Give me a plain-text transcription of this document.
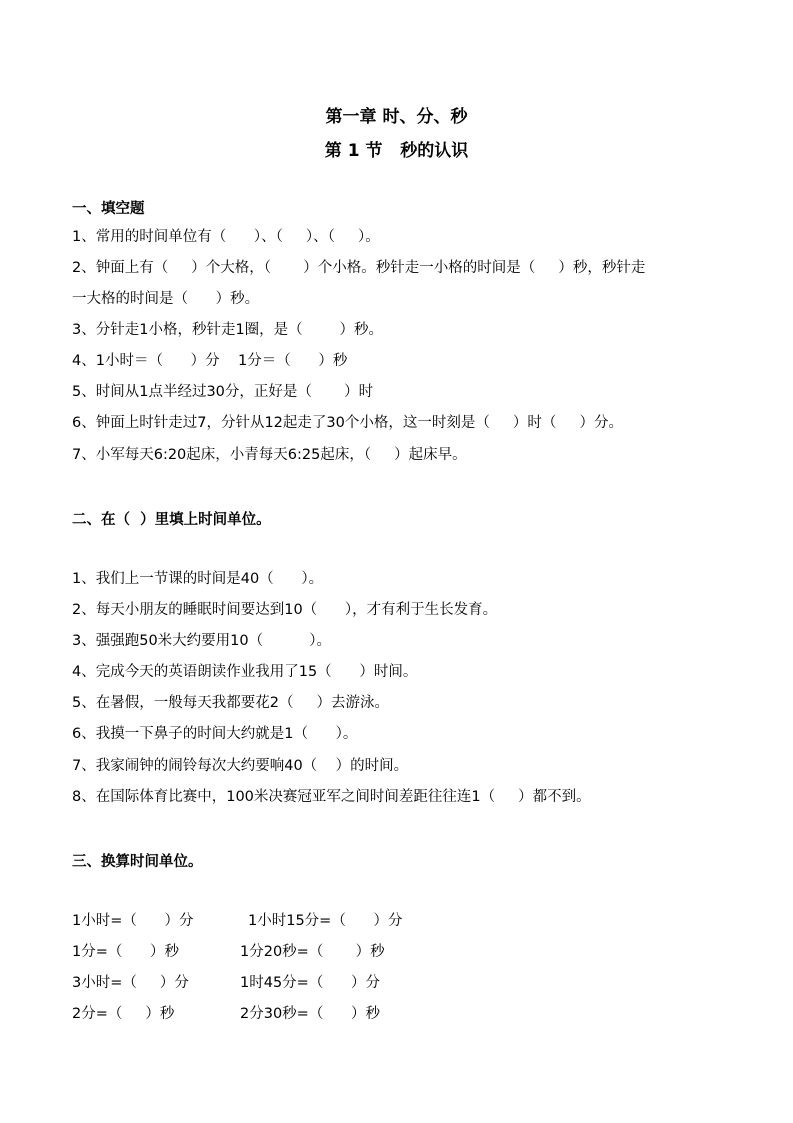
第一章 时、分、秒
第 1 节   秒的认识
一、填空题
1、常用的时间单位有（      ）、（     ）、（     ）。
2、钟面上有（     ）个大格，（       ）个小格。秒针走一小格的时间是（     ）秒，秒针走
一大格的时间是（      ）秒。
3、分针走1小格，秒针走1圈，是（        ）秒。
4、1小时＝（      ）分    1分＝（      ）秒
5、时间从1点半经过30分，正好是（       ）时
6、钟面上时针走过7，分针从12起走了30个小格，这一时刻是（     ）时（     ）分。
7、小军每天6:20起床，小青每天6:25起床，（     ）起床早。
二、在（  ）里填上时间单位。
1、我们上一节课的时间是40（      ）。
2、每天小朋友的睡眠时间要达到10（      ），才有利于生长发育。
3、强强跑50米大约要用10（          ）。
4、完成今天的英语朗读作业我用了15（      ）时间。
5、在暑假，一般每天我都要花2（     ）去游泳。
6、我摸一下鼻子的时间大约就是1（      ）。
7、我家闹钟的闹铃每次大约要响40（    ）的时间。
8、在国际体育比赛中，100米决赛冠亚军之间时间差距往往连1（     ）都不到。
三、换算时间单位。
1小时=（      ）分	1小时15分=（      ）分
1分=（      ）秒	1分20秒=（       ）秒
3小时=（     ）分	1时45分=（      ）分
2分=（     ）秒	2分30秒=（      ）秒
